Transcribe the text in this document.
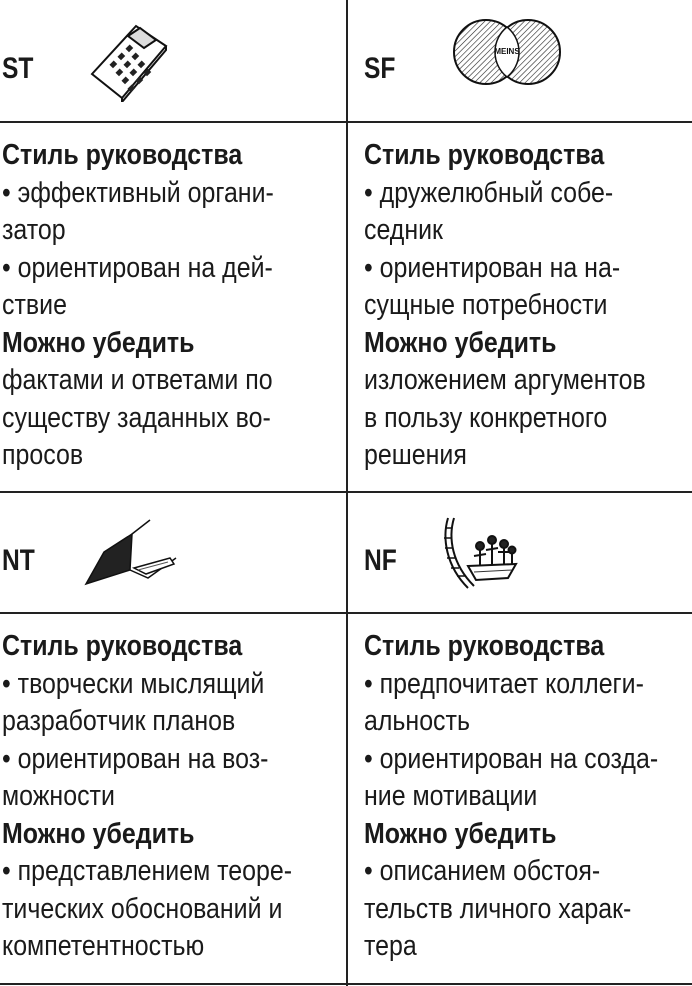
ST	SF
MEINS
NT	NF
Стиль руководства
• эффективный органи-
затор
• ориентирован на дей-
ствие
Можно убедить
фактами и ответами по
существу заданных во-
просов
Стиль руководства
• дружелюбный собе-
седник
• ориентирован на на-
сущные потребности
Можно убедить
изложением аргументов
в пользу конкретного
решения
Стиль руководства
• творчески мыслящий
разработчик планов
• ориентирован на воз-
можности
Можно убедить
• представлением теоре-
тических обоснований и
компетентностью
Стиль руководства
• предпочитает коллеги-
альность
• ориентирован на созда-
ние мотивации
Можно убедить
• описанием обстоя-
тельств личного харак-
тера
